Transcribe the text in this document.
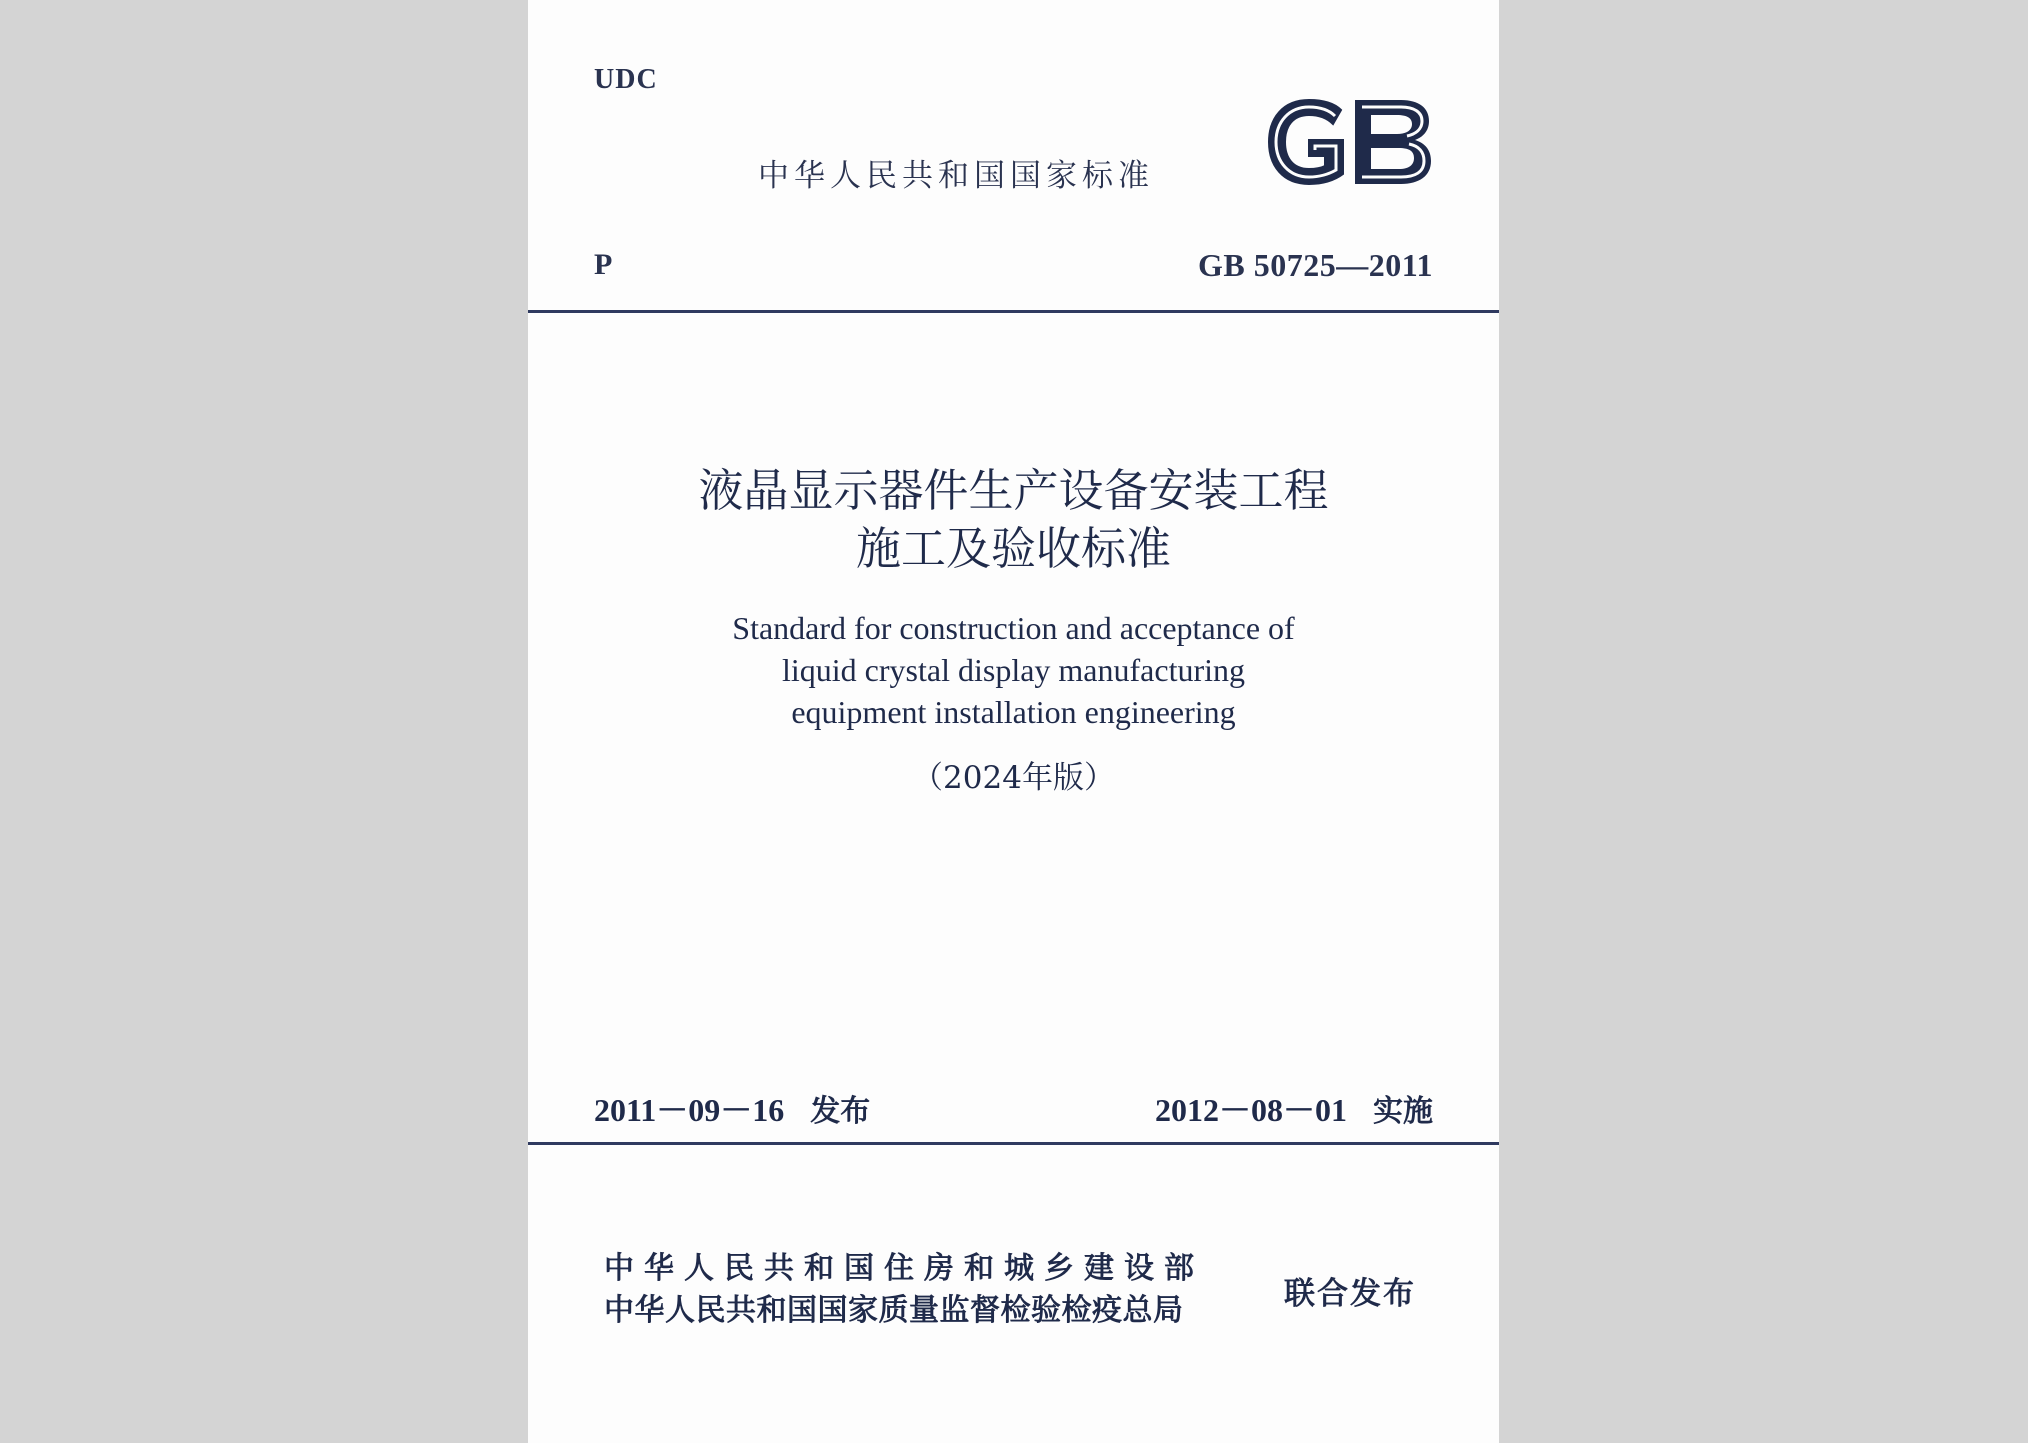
UDC
中华人民共和国国家标准
P	GB 50725—2011
液晶显示器件生产设备安装工程
施工及验收标准
Standard for construction and acceptance of
liquid crystal display manufacturing
equipment installation engineering
（2024年版）
2011－09－16 发布	2012－08－01 实施
中华人民共和国住房和城乡建设部
中华人民共和国国家质量监督检验检疫总局	联合发布
